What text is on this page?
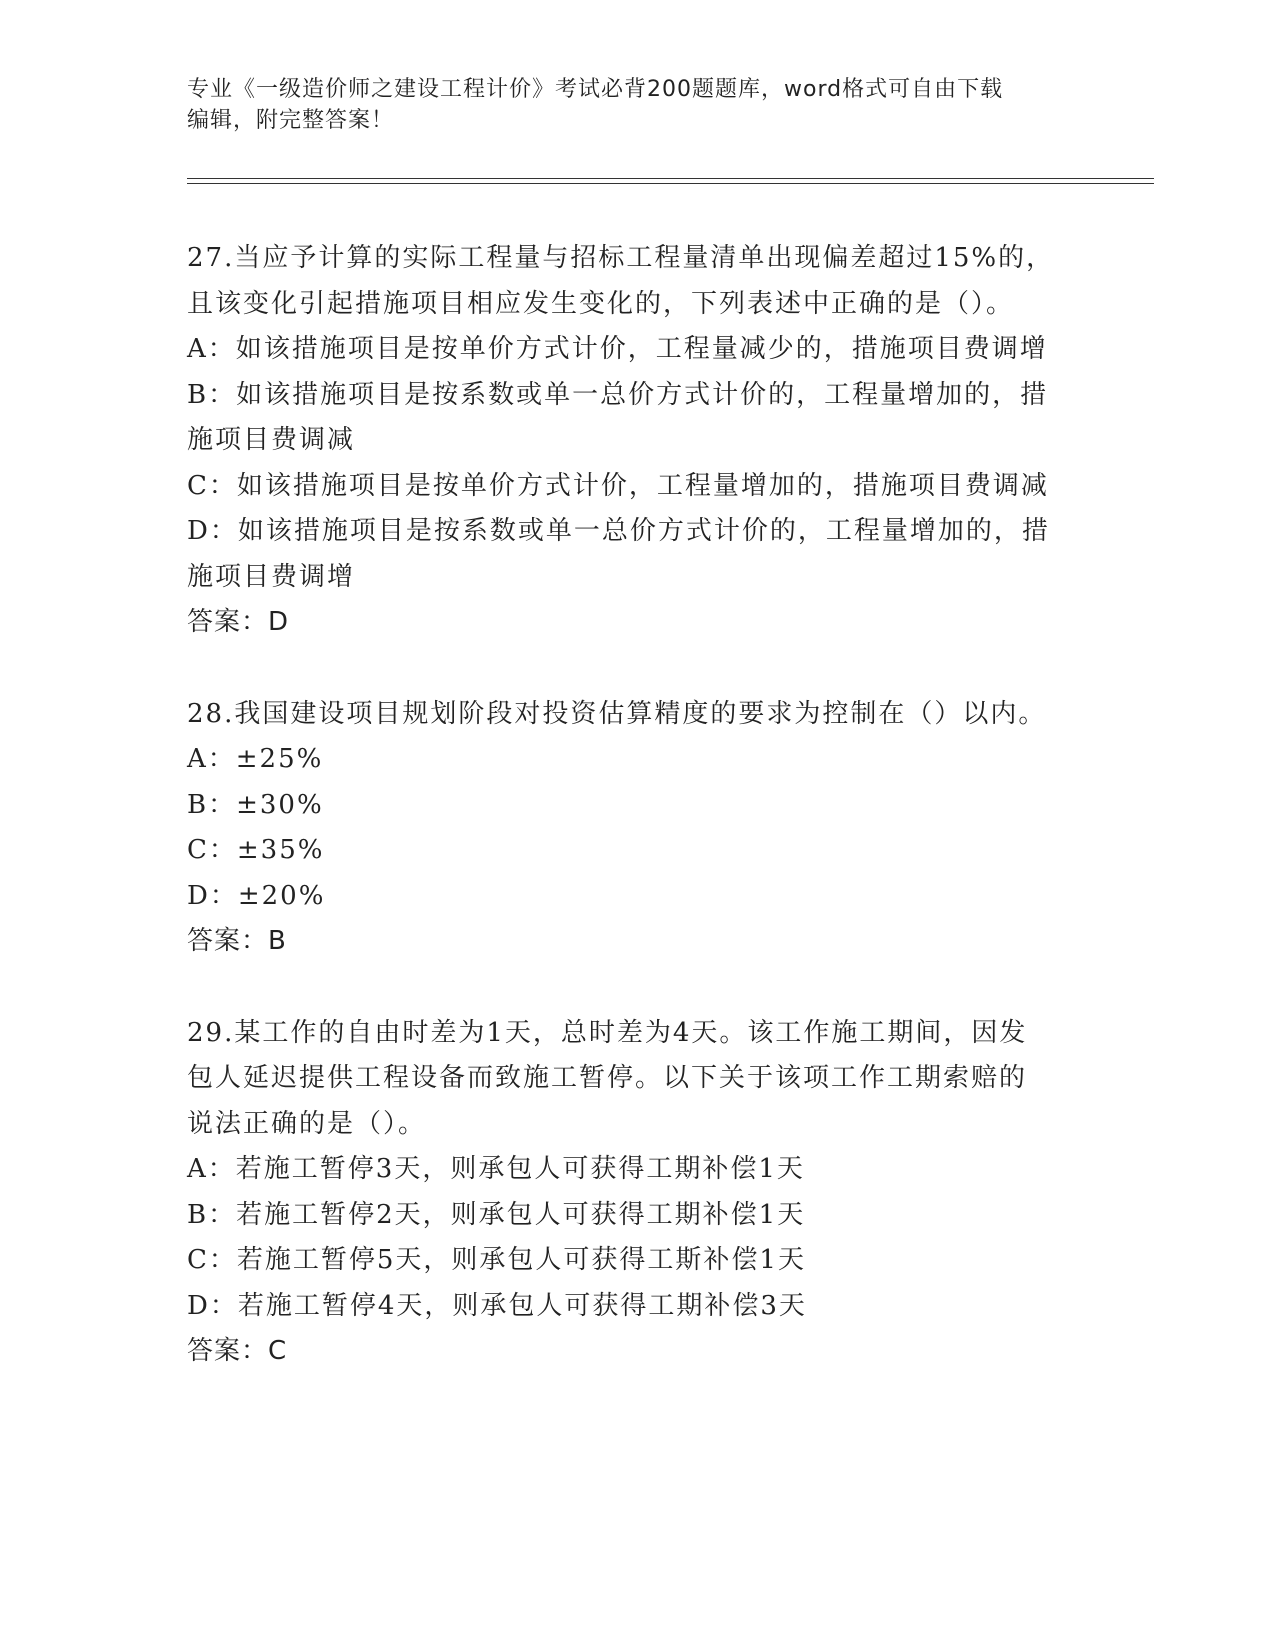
专业《一级造价师之建设工程计价》考试必背200题题库，word格式可自由下载
编辑，附完整答案！
27.当应予计算的实际工程量与招标工程量清单出现偏差超过15%的，
且该变化引起措施项目相应发生变化的，下列表述中正确的是（）。
A：如该措施项目是按单价方式计价，工程量减少的，措施项目费调增
B：如该措施项目是按系数或单一总价方式计价的，工程量增加的，措
施项目费调减
C：如该措施项目是按单价方式计价，工程量增加的，措施项目费调减
D：如该措施项目是按系数或单一总价方式计价的，工程量增加的，措
施项目费调增
答案：D
28.我国建设项目规划阶段对投资估算精度的要求为控制在（）以内。
A：±25%
B：±30%
C：±35%
D：±20%
答案：B
29.某工作的自由时差为1天，总时差为4天。该工作施工期间，因发
包人延迟提供工程设备而致施工暂停。以下关于该项工作工期索赔的
说法正确的是（）。
A：若施工暂停3天，则承包人可获得工期补偿1天
B：若施工暂停2天，则承包人可获得工期补偿1天
C：若施工暂停5天，则承包人可获得工斯补偿1天
D：若施工暂停4天，则承包人可获得工期补偿3天
答案：C
